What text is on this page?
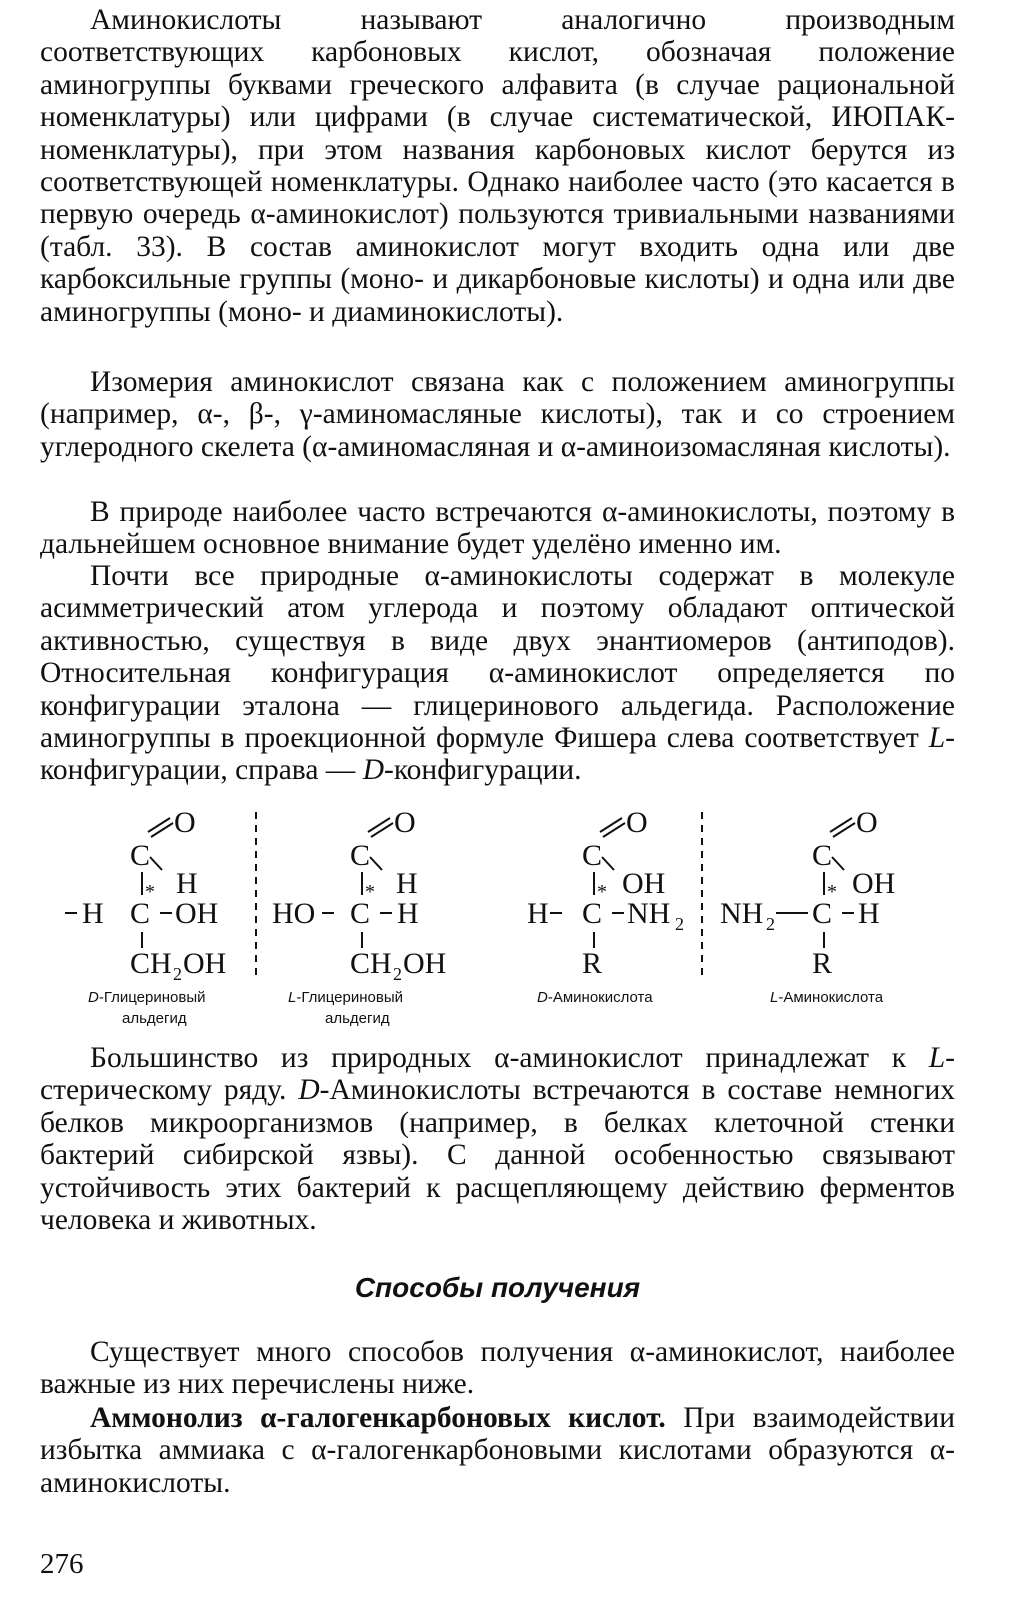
Аминокислоты называют аналогично производным соответствующих карбоновых кислот, обозначая положение аминогруппы буквами греческого алфавита (в случае рациональной номенклатуры) или цифрами (в случае систематической, ИЮПАК-номенклатуры), при этом названия карбоновых кислот берутся из соответствующей номенклатуры. Однако наиболее часто (это касается в первую очередь α-аминокислот) пользуются тривиальными названиями (табл. 33). В состав аминокислот могут входить одна или две карбоксильные группы (моно- и дикарбоновые кислоты) и одна или две аминогруппы (моно- и диаминокислоты).

Изомерия аминокислот связана как с положением аминогруппы (например, α-, β-, γ-аминомасляные кислоты), так и со строением углеродного скелета (α-аминомасляная и α-аминоизомасляная кислоты).

В природе наиболее часто встречаются α-аминокислоты, поэтому в дальнейшем основное внимание будет уделёно именно им.

Почти все природные α-аминокислоты содержат в молекуле асимметрический атом углерода и поэтому обладают оптической активностью, существуя в виде двух энантиомеров (антиподов). Относительная конфигурация α-аминокислот определяется по конфигурации эталона — глицеринового альдегида. Расположение аминогруппы в проекционной формуле Фишера слева соответствует L-конфигурации, справа — D-конфигурации.

Большинство из природных α-аминокислот принадлежат к L-стерическому ряду. D-Аминокислоты встречаются в составе немногих белков микроорганизмов (например, в белках клеточной стенки бактерий сибирской язвы). С данной особенностью связывают устойчивость этих бактерий к расщепляющему действию ферментов человека и животных.

Способы получения

Существует много способов получения α-аминокислот, наиболее важные из них перечислены ниже.

Аммонолиз α-галогенкарбоновых кислот. При взаимодействии избытка аммиака с α-галогенкарбоновыми кислотами образуются α-аминокислоты.

276

O
C
H
*
H C OH
CH 2 OH
D-Глицериновый
альдегид
O
C
H
*
HO C H
CH 2 OH
L-Глицериновый
альдегид
O
C
OH
*
H C NH 2
R
D-Аминокислота
O
C
OH
*
NH 2 C H
R
L-Аминокислота
